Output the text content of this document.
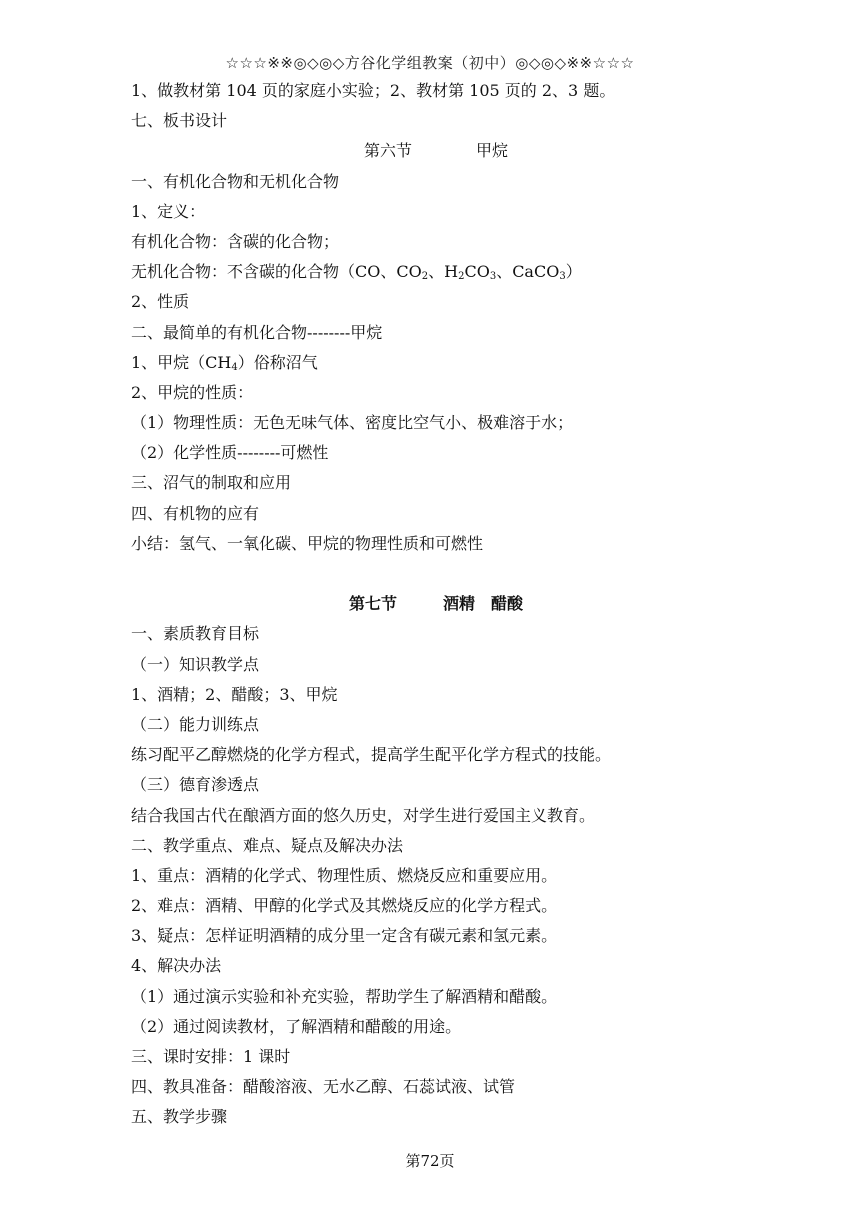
☆☆☆※※◎◇◎◇方谷化学组教案（初中）◎◇◎◇※※☆☆☆
1、做教材第 104 页的家庭小实验；2、教材第 105 页的 2、3 题。
七、板书设计
第六节	甲烷
一、有机化合物和无机化合物
1、定义：
有机化合物：含碳的化合物；
无机化合物：不含碳的化合物（CO、$CO_2$、$H_2CO_3$、CaCO$_3$）
2、性质
二、最简单的有机化合物--------甲烷
1、甲烷$(CH_4)$俗称沼气
2、甲烷的性质：
（1）物理性质：无色无味气体、密度比空气小、极难溶于水；
（2）化学性质--------可燃性
三、沼气的制取和应用
四、有机物的应有
小结：氢气、一氧化碳、甲烷的物理性质和可燃性
第七节	酒精 醋酸
一、素质教育目标
（一）知识教学点
1、酒精；2、醋酸；3、甲烷
（二）能力训练点
练习配平乙醇燃烧的化学方程式，提高学生配平化学方程式的技能。
（三）德育渗透点
结合我国古代在酿酒方面的悠久历史，对学生进行爱国主义教育。
二、教学重点、难点、疑点及解决办法
1、重点：酒精的化学式、物理性质、燃烧反应和重要应用。
2、难点：酒精、甲醇的化学式及其燃烧反应的化学方程式。
3、疑点：怎样证明酒精的成分里一定含有碳元素和氢元素。
4、解决办法
（1）通过演示实验和补充实验，帮助学生了解酒精和醋酸。
（2）通过阅读教材，了解酒精和醋酸的用途。
三、课时安排：1 课时
四、教具准备：醋酸溶液、无水乙醇、石蕊试液、试管
五、教学步骤
第72页
